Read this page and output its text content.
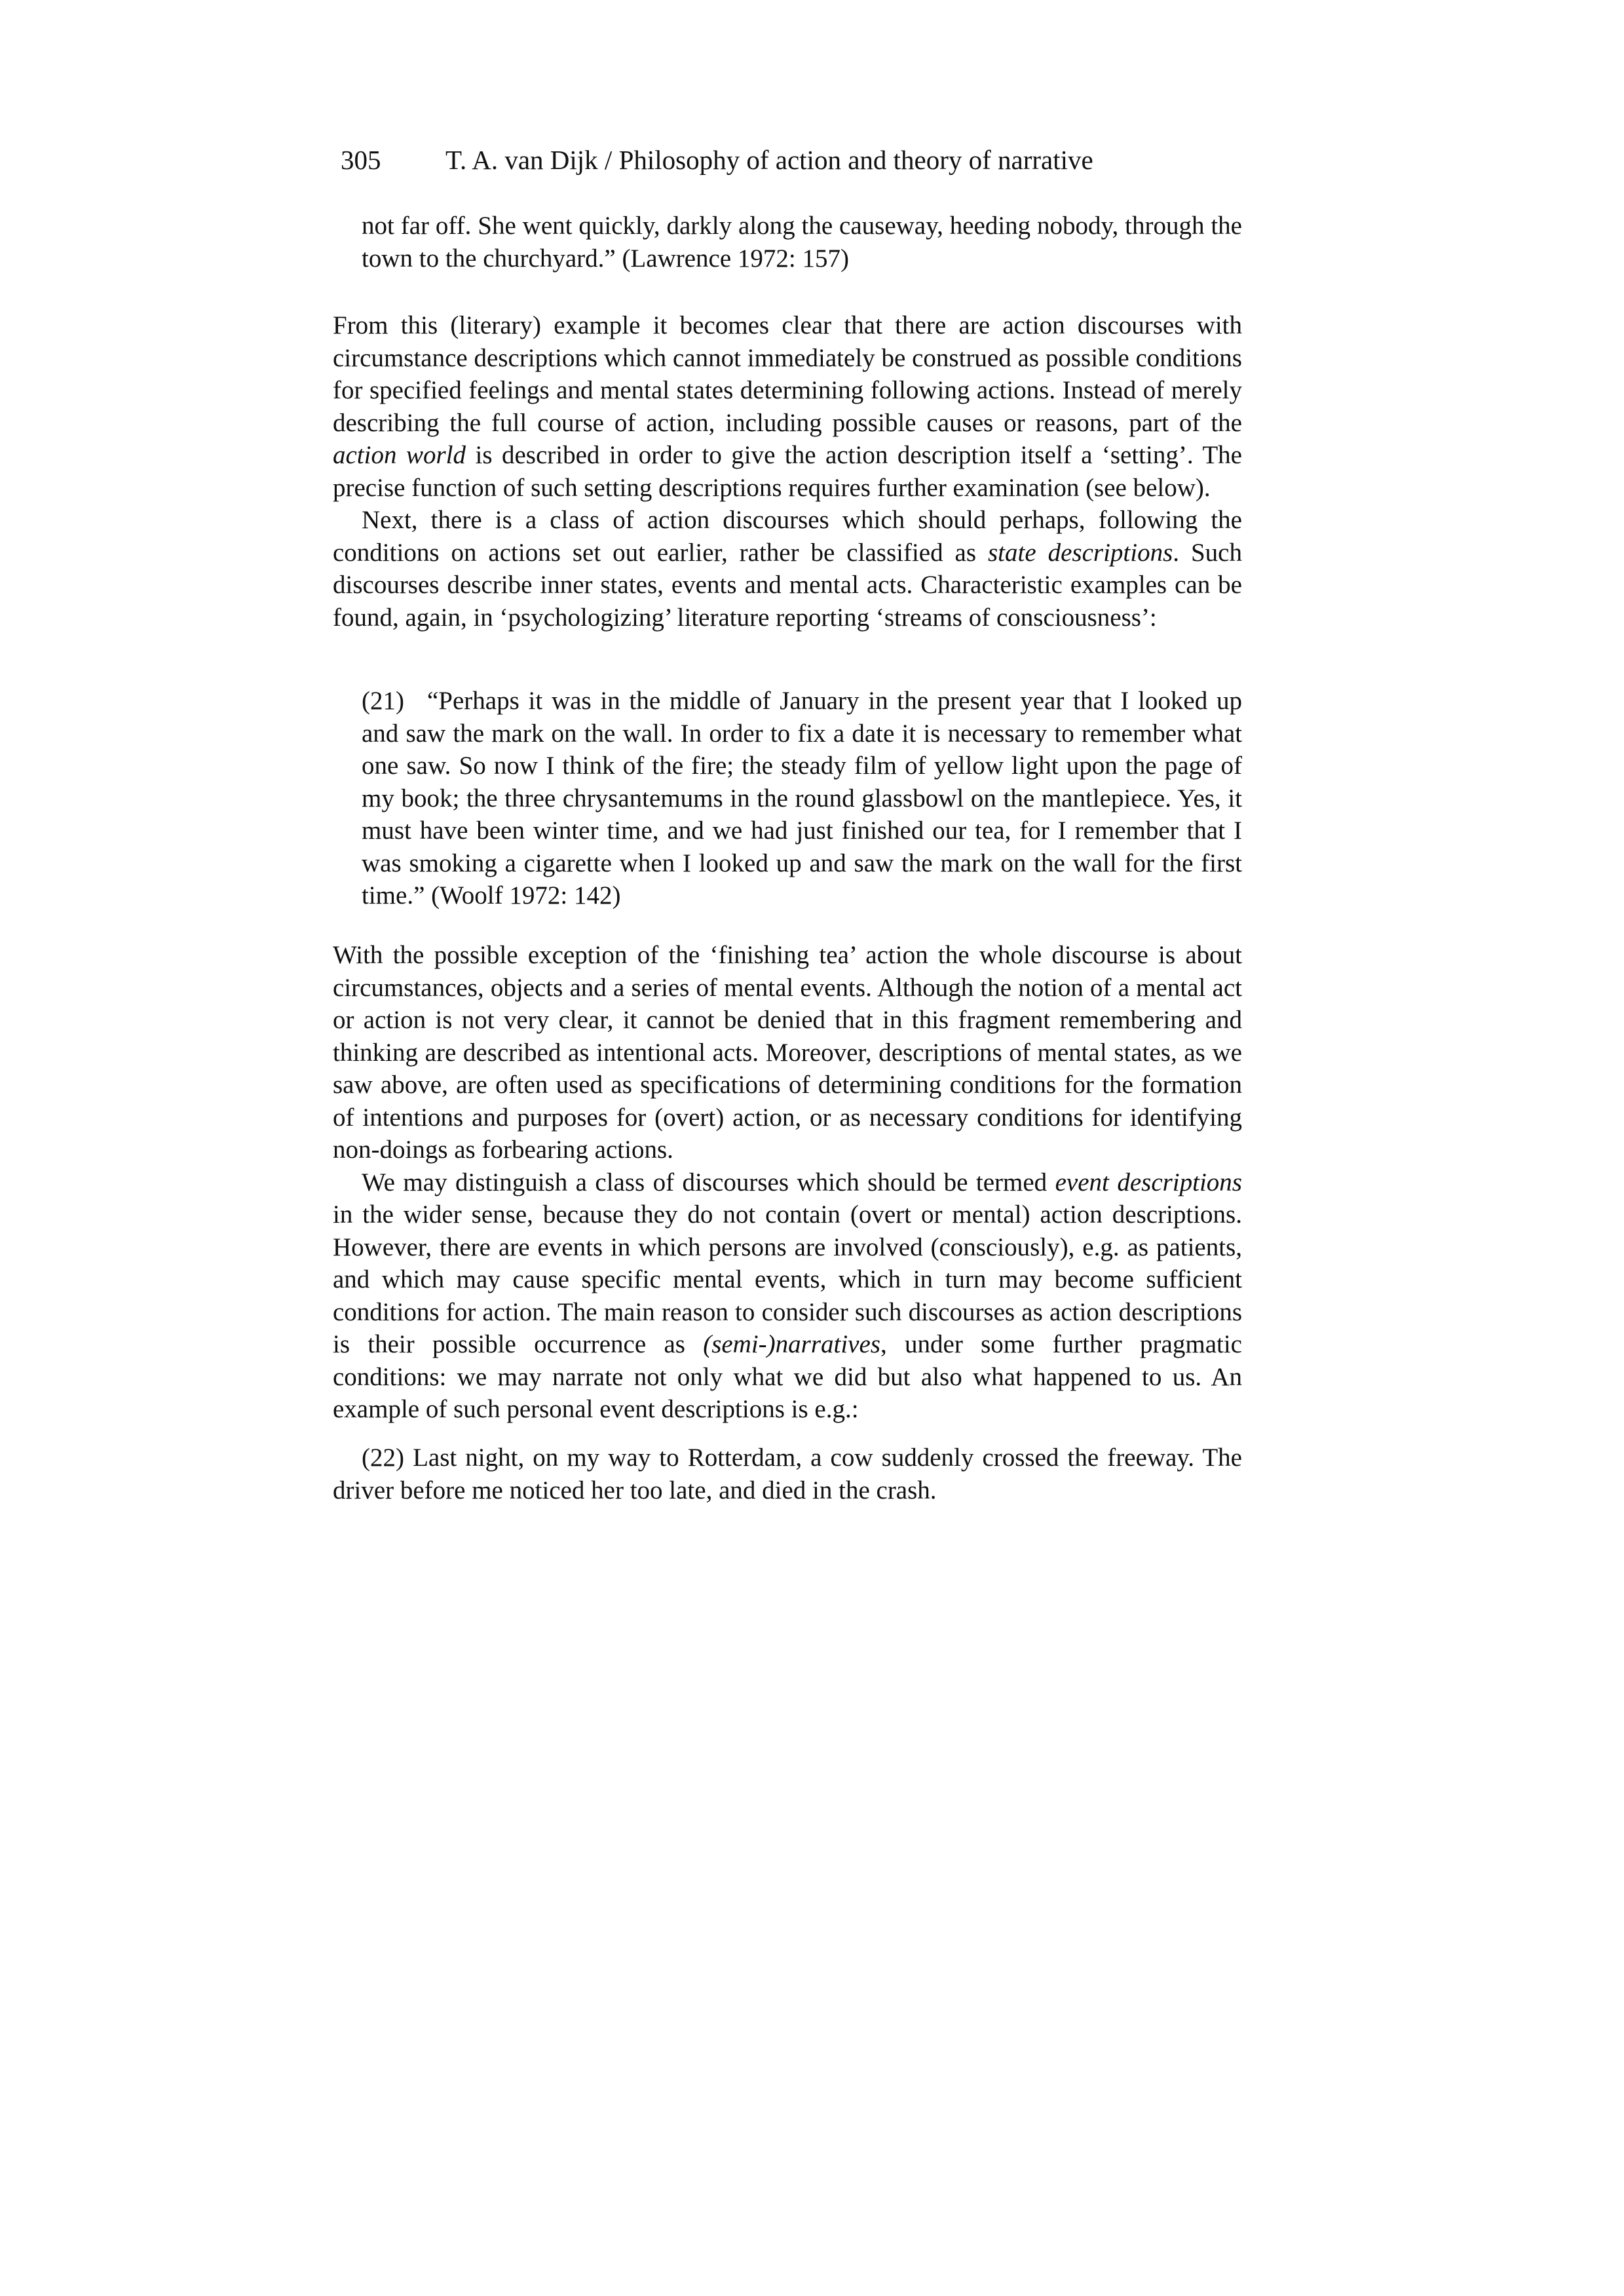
305 T. A. van Dijk / Philosophy of action and theory of narrative

not far off. She went quickly, darkly along the causeway, heeding nobody, through the town to the churchyard.” (Lawrence 1972: 157)

From this (literary) example it becomes clear that there are action discourses with circumstance descriptions which cannot immediately be construed as possible conditions for specified feelings and mental states determining following actions. Instead of merely describing the full course of action, including possible causes or reasons, part of the action world is described in order to give the action description itself a ‘setting’. The precise function of such setting descriptions requires further examination (see below).

Next, there is a class of action discourses which should perhaps, following the conditions on actions set out earlier, rather be classified as state descriptions. Such discourses describe inner states, events and mental acts. Characteristic examples can be found, again, in ‘psychologizing’ literature reporting ‘streams of consciousness’:

(21) “Perhaps it was in the middle of January in the present year that I looked up and saw the mark on the wall. In order to fix a date it is necessary to remember what one saw. So now I think of the fire; the steady film of yellow light upon the page of my book; the three chrysantemums in the round glassbowl on the mantlepiece. Yes, it must have been winter time, and we had just finished our tea, for I remember that I was smoking a cigarette when I looked up and saw the mark on the wall for the first time.” (Woolf 1972: 142)

With the possible exception of the ‘finishing tea’ action the whole discourse is about circumstances, objects and a series of mental events. Although the notion of a mental act or action is not very clear, it cannot be denied that in this fragment remembering and thinking are described as intentional acts. Moreover, descriptions of mental states, as we saw above, are often used as specifications of determining conditions for the formation of intentions and purposes for (overt) action, or as necessary conditions for identifying non-doings as forbearing actions.

We may distinguish a class of discourses which should be termed event descriptions in the wider sense, because they do not contain (overt or mental) action descriptions. However, there are events in which persons are involved (consciously), e.g. as patients, and which may cause specific mental events, which in turn may become sufficient conditions for action. The main reason to consider such discourses as action descriptions is their possible occurrence as (semi-)narratives, under some further pragmatic conditions: we may narrate not only what we did but also what happened to us. An example of such personal event descriptions is e.g.:

(22) Last night, on my way to Rotterdam, a cow suddenly crossed the freeway. The driver before me noticed her too late, and died in the crash.
